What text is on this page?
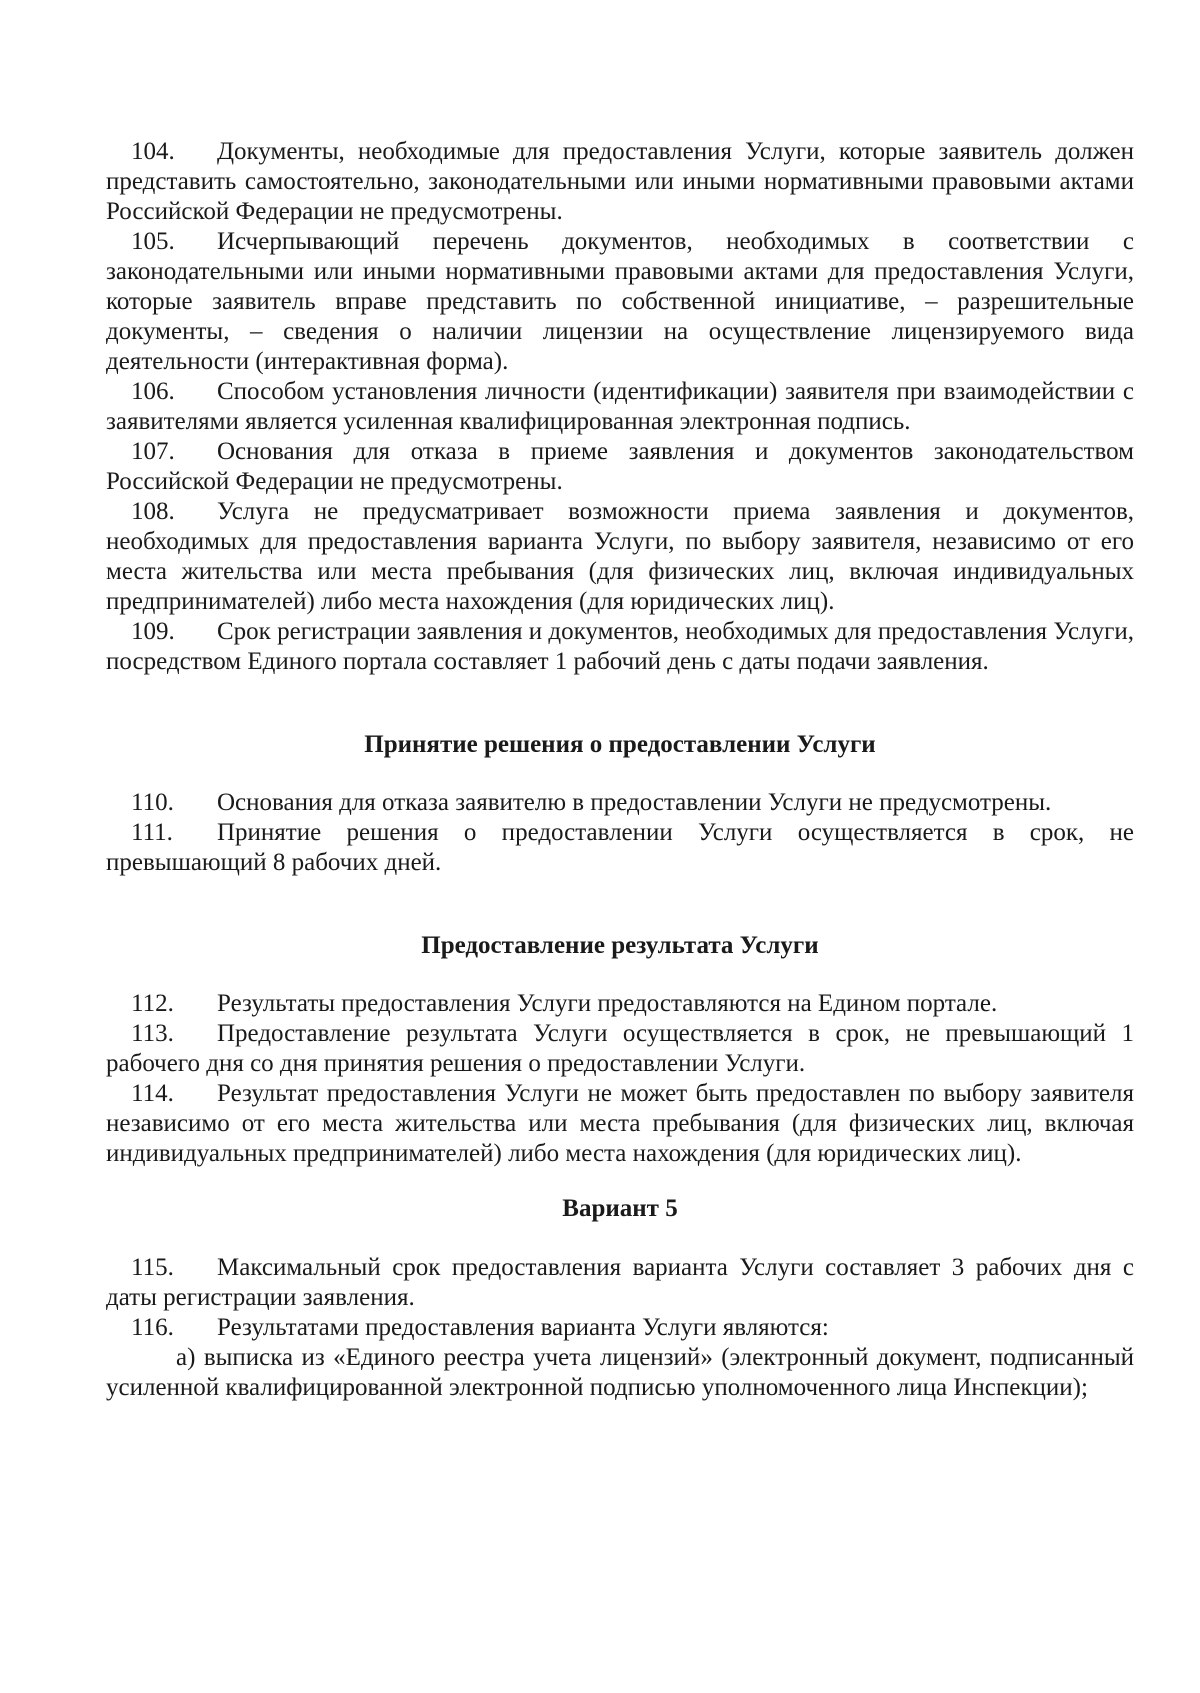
104. Документы, необходимые для предоставления Услуги, которые заявитель должен представить самостоятельно, законодательными или иными нормативными правовыми актами Российской Федерации не предусмотрены.

105. Исчерпывающий перечень документов, необходимых в соответствии с законодательными или иными нормативными правовыми актами для предоставления Услуги, которые заявитель вправе представить по собственной инициативе, – разрешительные документы, – сведения о наличии лицензии на осуществление лицензируемого вида деятельности (интерактивная форма).

106. Способом установления личности (идентификации) заявителя при взаимодействии с заявителями является усиленная квалифицированная электронная подпись.

107. Основания для отказа в приеме заявления и документов законодательством Российской Федерации не предусмотрены.

108. Услуга не предусматривает возможности приема заявления и документов, необходимых для предоставления варианта Услуги, по выбору заявителя, независимо от его места жительства или места пребывания (для физических лиц, включая индивидуальных предпринимателей) либо места нахождения (для юридических лиц).

109. Срок регистрации заявления и документов, необходимых для предоставления Услуги, посредством Единого портала составляет 1 рабочий день с даты подачи заявления.

Принятие решения о предоставлении Услуги

110. Основания для отказа заявителю в предоставлении Услуги не предусмотрены.

111. Принятие решения о предоставлении Услуги осуществляется в срок, не превышающий 8 рабочих дней.

Предоставление результата Услуги

112. Результаты предоставления Услуги предоставляются на Едином портале.

113. Предоставление результата Услуги осуществляется в срок, не превышающий 1 рабочего дня со дня принятия решения о предоставлении Услуги.

114. Результат предоставления Услуги не может быть предоставлен по выбору заявителя независимо от его места жительства или места пребывания (для физических лиц, включая индивидуальных предпринимателей) либо места нахождения (для юридических лиц).

Вариант 5

115. Максимальный срок предоставления варианта Услуги составляет 3 рабочих дня с даты регистрации заявления.

116. Результатами предоставления варианта Услуги являются:

а) выписка из «Единого реестра учета лицензий» (электронный документ, подписанный усиленной квалифицированной электронной подписью уполномоченного лица Инспекции);
